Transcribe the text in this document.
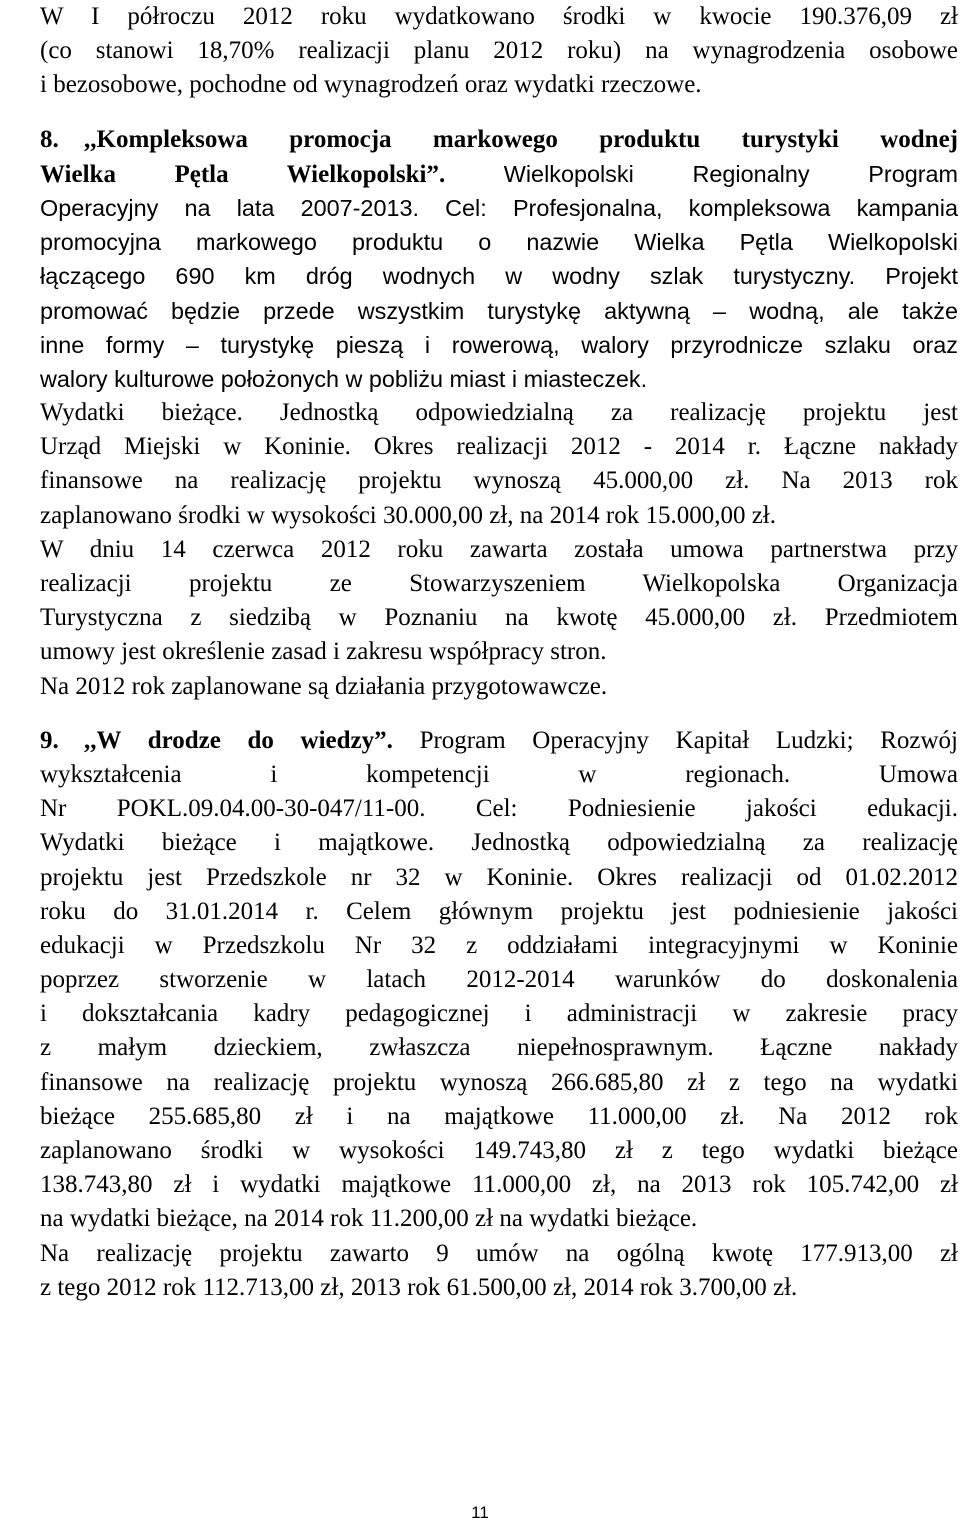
W I półroczu 2012 roku wydatkowano środki w kwocie 190.376,09 zł
(co stanowi 18,70% realizacji planu 2012 roku) na wynagrodzenia osobowe
i bezosobowe, pochodne od wynagrodzeń oraz wydatki rzeczowe.
8. ,,Kompleksowa promocja markowego produktu turystyki wodnej
Wielka Pętla Wielkopolski”.	Wielkopolski Regionalny Program
Operacyjny na lata 2007-2013. Cel: Profesjonalna, kompleksowa kampania
promocyjna markowego produktu o nazwie Wielka Pętla Wielkopolski
łączącego 690 km dróg wodnych w wodny szlak turystyczny. Projekt
promować będzie przede wszystkim turystykę aktywną – wodną, ale także
inne formy – turystykę pieszą i rowerową, walory przyrodnicze szlaku oraz
walory kulturowe położonych w pobliżu miast i miasteczek.
Wydatki bieżące. Jednostką odpowiedzialną za realizację projektu jest
Urząd Miejski w Koninie. Okres realizacji 2012 - 2014 r. Łączne nakłady
finansowe na realizację projektu wynoszą 45.000,00 zł. Na 2013 rok
zaplanowano środki w wysokości 30.000,00 zł, na 2014 rok 15.000,00 zł.
W dniu 14 czerwca 2012 roku zawarta została umowa partnerstwa przy
realizacji projektu ze Stowarzyszeniem Wielkopolska Organizacja
Turystyczna z siedzibą w Poznaniu na kwotę 45.000,00 zł. Przedmiotem
umowy jest określenie zasad i zakresu współpracy stron.
Na 2012 rok zaplanowane są działania przygotowawcze.
9. ,,W drodze do wiedzy”. Program Operacyjny Kapitał Ludzki; Rozwój
wykształcenia i kompetencji w regionach. Umowa
Nr POKL.09.04.00-30-047/11-00. Cel: Podniesienie jakości edukacji.
Wydatki bieżące i majątkowe. Jednostką odpowiedzialną za realizację
projektu jest Przedszkole nr 32 w Koninie. Okres realizacji od 01.02.2012
roku do 31.01.2014 r. Celem głównym projektu jest podniesienie jakości
edukacji w Przedszkolu Nr 32 z oddziałami integracyjnymi w Koninie
poprzez stworzenie w latach 2012-2014 warunków do doskonalenia
i dokształcania kadry pedagogicznej i administracji w zakresie pracy
z małym dzieckiem, zwłaszcza niepełnosprawnym. Łączne nakłady
finansowe na realizację projektu wynoszą 266.685,80 zł z tego na wydatki
bieżące 255.685,80 zł i na majątkowe 11.000,00 zł. Na 2012 rok
zaplanowano środki w wysokości 149.743,80 zł z tego wydatki bieżące
138.743,80 zł i wydatki majątkowe 11.000,00 zł, na 2013 rok 105.742,00 zł
na wydatki bieżące, na 2014 rok 11.200,00 zł na wydatki bieżące.
Na realizację projektu zawarto 9 umów na ogólną kwotę 177.913,00 zł
z tego 2012 rok 112.713,00 zł, 2013 rok 61.500,00 zł, 2014 rok 3.700,00 zł.
11
